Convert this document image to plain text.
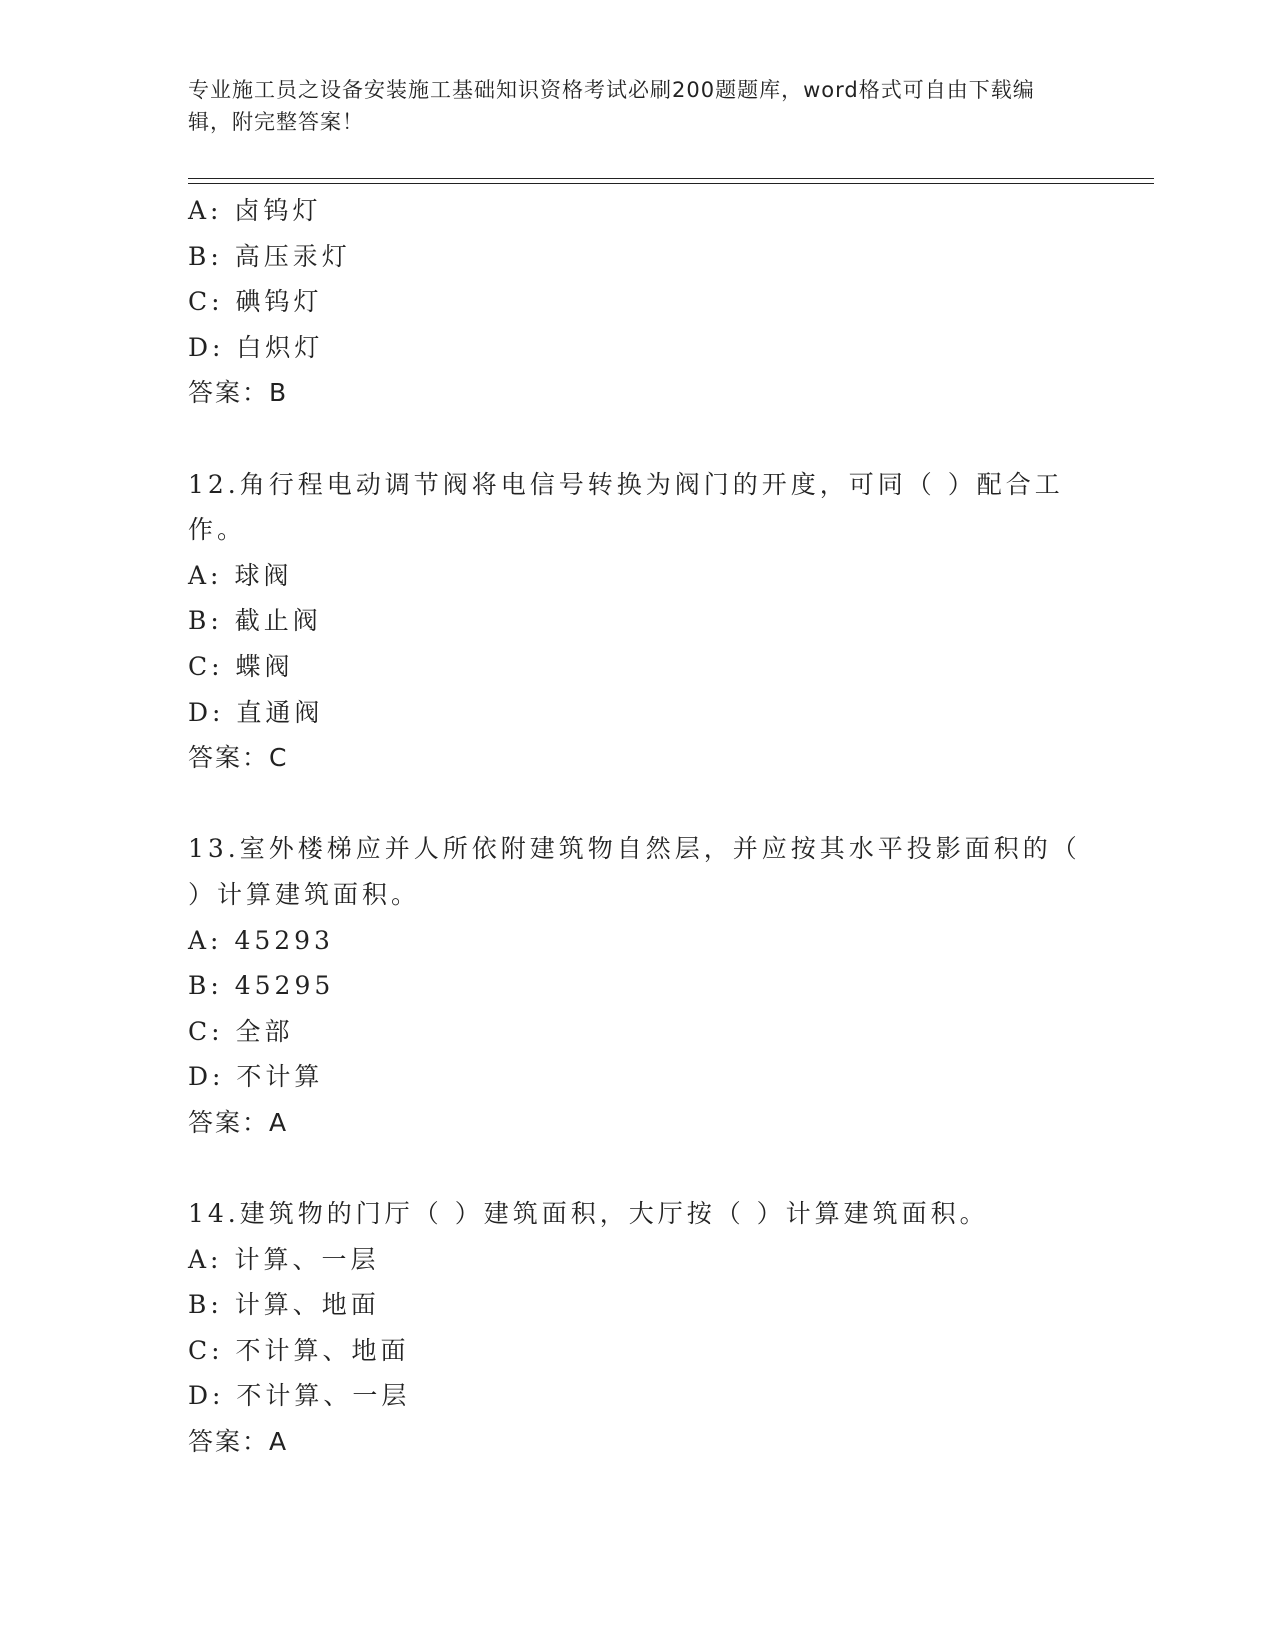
专业施工员之设备安装施工基础知识资格考试必刷200题题库，word格式可自由下载编辑，附完整答案！
A: 卤钨灯
B: 高压汞灯
C: 碘钨灯
D: 白炽灯
答案：B
12.角行程电动调节阀将电信号转换为阀门的开度，可同（ ）配合工
作。
A: 球阀
B: 截止阀
C: 蝶阀
D: 直通阀
答案：C
13.室外楼梯应并人所依附建筑物自然层，并应按其水平投影面积的（
）计算建筑面积。
A: 45293
B: 45295
C: 全部
D: 不计算
答案：A
14.建筑物的门厅（ ）建筑面积，大厅按（ ）计算建筑面积。
A: 计算、一层
B: 计算、地面
C: 不计算、地面
D: 不计算、一层
答案：A
